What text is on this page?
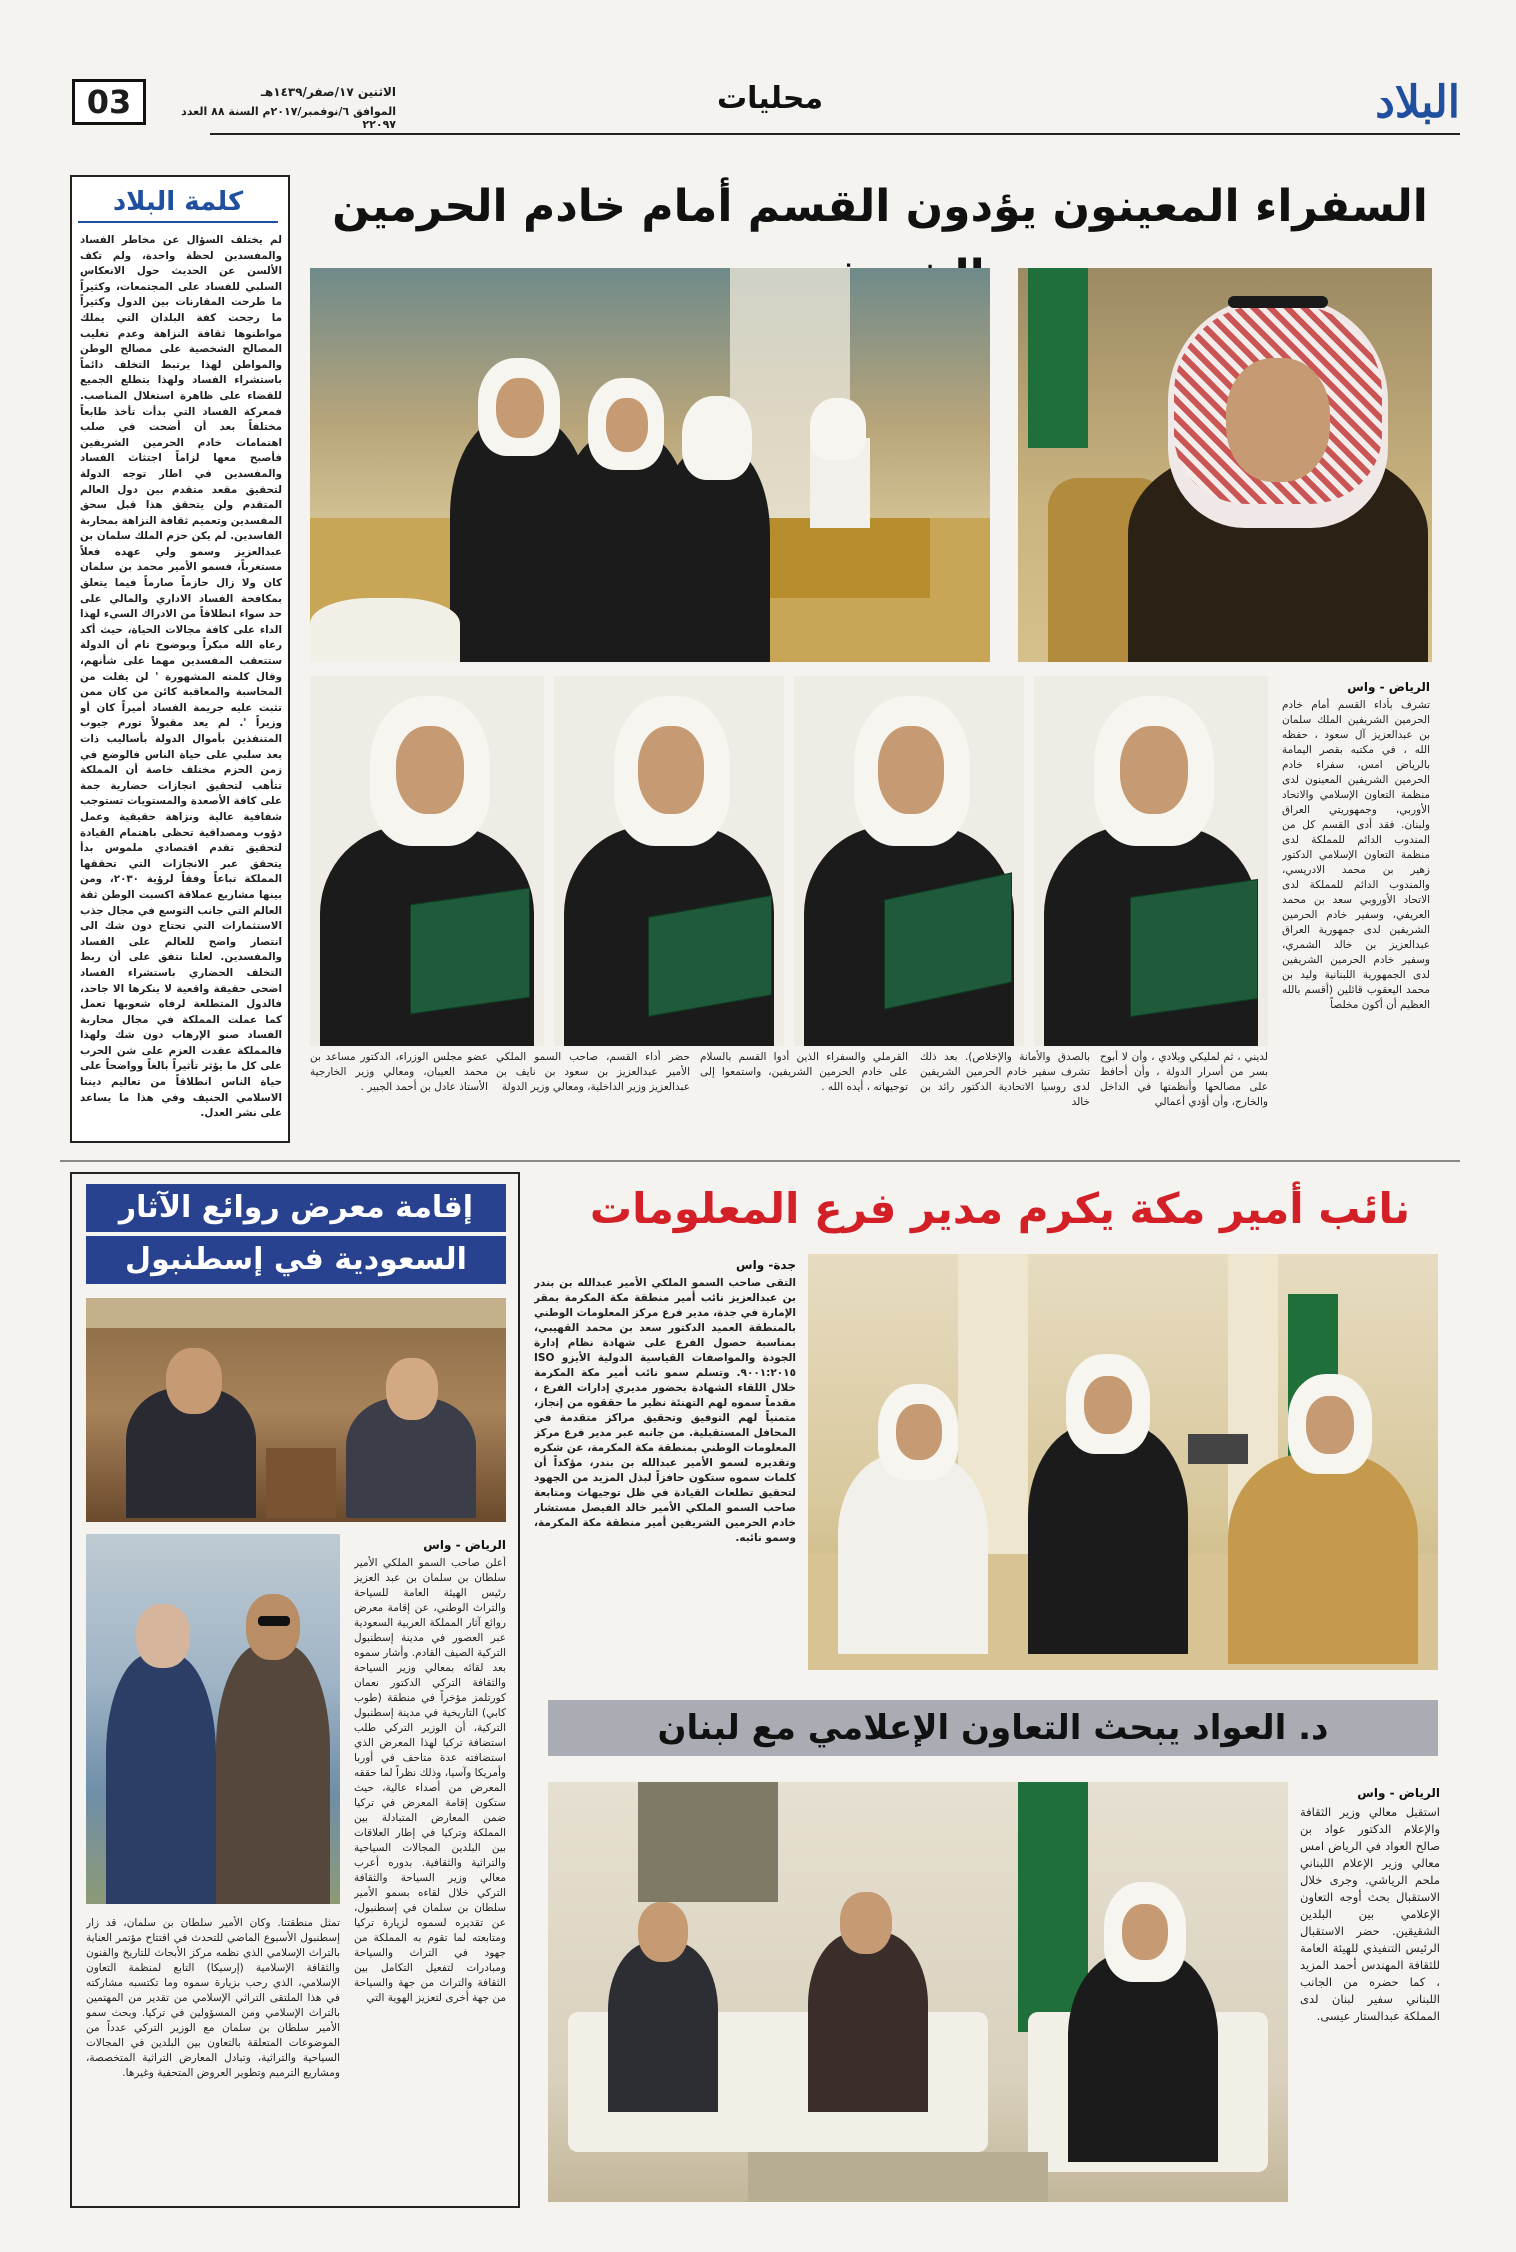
البلاد
محليات
03	الاثنين ١٧/صفر/١٤٣٩هـ
الموافق ٦/نوفمبر/٢٠١٧م السنة ٨٨ العدد ٢٢٠٩٧
كلمة البلاد
لم يختلف السؤال عن مخاطر الفساد والمفسدين لحظة واحدة، ولم تكف الألسن عن الحديث حول الانعكاس السلبي للفساد على المجتمعات، وكثيراً ما طرحت المقارنات بين الدول وكثيراً ما رجحت كفة البلدان التي يملك مواطنوها ثقافة النزاهة وعدم تغليب المصالح الشخصية على مصالح الوطن والمواطن لهذا يرتبط التخلف دائماً باستشراء الفساد ولهذا يتطلع الجميع للقضاء على ظاهرة استغلال المناصب. فمعركة الفساد التي بدأت تأخذ طابعاً مختلفاً بعد أن أضحت في صلب اهتمامات خادم الحرمين الشريفين فأصبح معها لزاماً اجتثاث الفساد والمفسدين في اطار توجه الدولة لتحقيق مقعد متقدم بين دول العالم المتقدم ولن يتحقق هذا قبل سحق المفسدين وتعميم ثقافة النزاهة بمحاربة الفاسدين. لم يكن حزم الملك سلمان بن عبدالعزيز وسمو ولي عهده فعلاً مستغرباً، فسمو الأمير محمد بن سلمان كان ولا زال حازماً صارماً فيما يتعلق بمكافحة الفساد الاداري والمالي على حد سواء انطلاقاً من الادراك السيء لهذا الداء على كافة مجالات الحياة، حيث أكد رعاه الله مبكراً وبوضوح تام أن الدولة ستتعقب المفسدين مهما على شأنهم، وقال كلمته المشهورة ' لن يفلت من المحاسبة والمعاقبة كائن من كان ممن تثبت عليه جريمة الفساد أميراً كان أو وزيراً '. لم يعد مقبولاً تورم جيوب المتنفذين بأموال الدولة بأساليب ذات بعد سلبي على حياة الناس فالوضع في زمن الحزم مختلف خاصة أن المملكة تتأهب لتحقيق انجازات حضارية جمة على كافة الأصعدة والمستويات تستوجب شفافية عالية ونزاهة حقيقية وعمل دؤوب ومصداقية تحظى باهتمام القيادة لتحقيق تقدم اقتصادي ملموس بدأ يتحقق عبر الانجازات التي تحققها المملكة تباعاً وفقاً لرؤية ٢٠٣٠، ومن بينها مشاريع عملاقة اكسبت الوطن ثقة العالم التي جانب التوسع في مجال جذب الاستثمارات التي تحتاج دون شك الى انتصار واضح للعالم على الفساد والمفسدين. لعلنا نتفق على أن ربط التخلف الحضاري باستشراء الفساد اضحى حقيقة واقعية لا ينكرها الا جاحد، فالدول المتطلعة لرفاه شعوبها تعمل كما عملت المملكة في مجال محاربة الفساد صنو الإرهاب دون شك ولهذا فالمملكة عقدت العزم على شن الحرب على كل ما يؤثر تأثيراً بالغاً وواضحاً على حياة الناس انطلاقاً من تعاليم ديننا الاسلامي الحنيف وفي هذا ما يساعد على نشر العدل.
السفراء المعينون يؤدون القسم أمام خادم الحرمين
الرياض - واس
تشرف بأداء القسم أمام خادم الحرمين الشريفين الملك سلمان بن عبدالعزيز آل سعود ، حفظه الله ، في مكتبه بقصر اليمامة بالرياض امس، سفراء خادم الحرمين الشريفين المعينون لدى منظمة التعاون الإسلامي والاتحاد الأوربي، وجمهوريتي العراق ولبنان. فقد أدى القسم كل من المندوب الدائم للمملكة لدى منظمة التعاون الإسلامي الدكتور زهير بن محمد الادريسي، والمندوب الدائم للمملكة لدى الاتحاد الأوروبي سعد بن محمد العريفي، وسفير خادم الحرمين الشريفين لدى جمهورية العراق عبدالعزيز بن خالد الشمري، وسفير خادم الحرمين الشريفين لدى الجمهورية اللبنانية وليد بن محمد اليعقوب قائلين (أقسم بالله العظيم أن أكون مخلصاً
لديني ، ثم لمليكي وبلادي ، وأن لا أبوح بسر من أسرار الدولة ، وأن أحافظ على مصالحها وأنظمتها في الداخل والخارج، وأن أؤدي أعمالي
بالصدق والأمانة والإخلاص). بعد ذلك تشرف سفير خادم الحرمين الشريفين لدى روسيا الاتحادية الدكتور رائد بن خالد
القرملي والسفراء الذين أدوا القسم بالسلام على خادم الحرمين الشريفين، واستمعوا إلى توجيهاته ، أيده الله .
حضر أداء القسم، صاحب السمو الملكي الأمير عبدالعزيز بن سعود بن نايف بن عبدالعزيز وزير الداخلية، ومعالي وزير الدولة
عضو مجلس الوزراء، الدكتور مساعد بن محمد العيبان، ومعالي وزير الخارجية الأستاذ عادل بن أحمد الجبير .
إقامة معرض روائع الآثار
السعودية في إسطنبول
الرياض - واس
أعلن صاحب السمو الملكي الأمير سلطان بن سلمان بن عبد العزيز رئيس الهيئة العامة للسياحة والتراث الوطني، عن إقامة معرض روائع آثار المملكة العربية السعودية عبر العصور في مدينة إسطنبول التركية الصيف القادم. وأشار سموه بعد لقائه بمعالي وزير السياحة والثقافة التركي الدكتور نعمان كورتلمز مؤخراً في منطقة (طوب كابي) التاريخية في مدينة إسطنبول التركية، أن الوزير التركي طلب استضافة تركيا لهذا المعرض الذي استضافته عدة متاحف في أوربا وأمريكا وآسيا، وذلك نظراً لما حققه المعرض من أصداء عالية، حيث ستكون إقامة المعرض في تركيا ضمن المعارض المتبادلة بين المملكة وتركيا في إطار العلاقات بين البلدين المجالات السياحية والتراثية والثقافية. بدوره أعرب معالي وزير السياحة والثقافة التركي خلال لقاءه بسمو الأمير سلطان بن سلمان في إسطنبول، عن تقديره لسموه لزيارة تركيا ومتابعته لما تقوم به المملكة من جهود في التراث والسياحة ومبادرات لتفعيل التكامل بين الثقافة والتراث من جهة والسياحة من جهة أخرى لتعزيز الهوية التي
تمثل منطقتنا. وكان الأمير سلطان بن سلمان، قد زار إسطنبول الأسبوع الماضي للتحدث في افتتاح مؤتمر العناية بالتراث الإسلامي الذي نظمه مركز الأبحاث للتاريخ والفنون والثقافة الإسلامية (إرسيكا) التابع لمنظمة التعاون الإسلامي، الذي رحب بزيارة سموه وما تكتسبه مشاركته في هذا الملتقى التراثي الإسلامي من تقدير من المهتمين بالتراث الإسلامي ومن المسؤولين في تركيا. وبحث سمو الأمير سلطان بن سلمان مع الوزير التركي عدداً من الموضوعات المتعلقة بالتعاون بين البلدين في المجالات السياحية والتراثية، وتبادل المعارض التراثية المتخصصة، ومشاريع الترميم وتطوير العروض المتحفية وغيرها.
نائب أمير مكة يكرم مدير فرع المعلومات
جدة- واس
التقى صاحب السمو الملكي الأمير عبدالله بن بندر بن عبدالعزيز نائب أمير منطقة مكة المكرمة بمقر الإمارة في جدة، مدير فرع مركز المعلومات الوطني بالمنطقة العميد الدكتور سعد بن محمد القهيبي، بمناسبة حصول الفرع على شهادة نظام إدارة الجودة والمواصفات القياسية الدولية الأيزو ISO ٩٠٠١:٢٠١٥. وتسلم سمو نائب أمير مكة المكرمة خلال اللقاء الشهادة بحضور مديري إدارات الفرع ، مقدماً سموه لهم التهنئة نظير ما حققوه من إنجاز، متمنياً لهم التوفيق وتحقيق مراكز متقدمة في المحافل المستقبلية. من جانبه عبر مدير فرع مركز المعلومات الوطني بمنطقة مكة المكرمة، عن شكره وتقديره لسمو الأمير عبدالله بن بندر، مؤكداً أن كلمات سموه ستكون حافزاً لبذل المزيد من الجهود لتحقيق تطلعات القيادة في ظل توجيهات ومتابعة صاحب السمو الملكي الأمير خالد الفيصل مستشار خادم الحرمين الشريفين أمير منطقة مكة المكرمة، وسمو نائبه.
د. العواد يبحث التعاون الإعلامي مع لبنان
الرياض - واس
استقبل معالي وزير الثقافة والإعلام الدكتور عواد بن صالح العواد في الرياض امس معالي وزير الإعلام اللبناني ملحم الرياشي. وجرى خلال الاستقبال بحث أوجه التعاون الإعلامي بين البلدين الشقيقين. حضر الاستقبال الرئيس التنفيذي للهيئة العامة للثقافة المهندس أحمد المزيد ، كما حضره من الجانب اللبناني سفير لبنان لدى المملكة عبدالستار عيسى.
